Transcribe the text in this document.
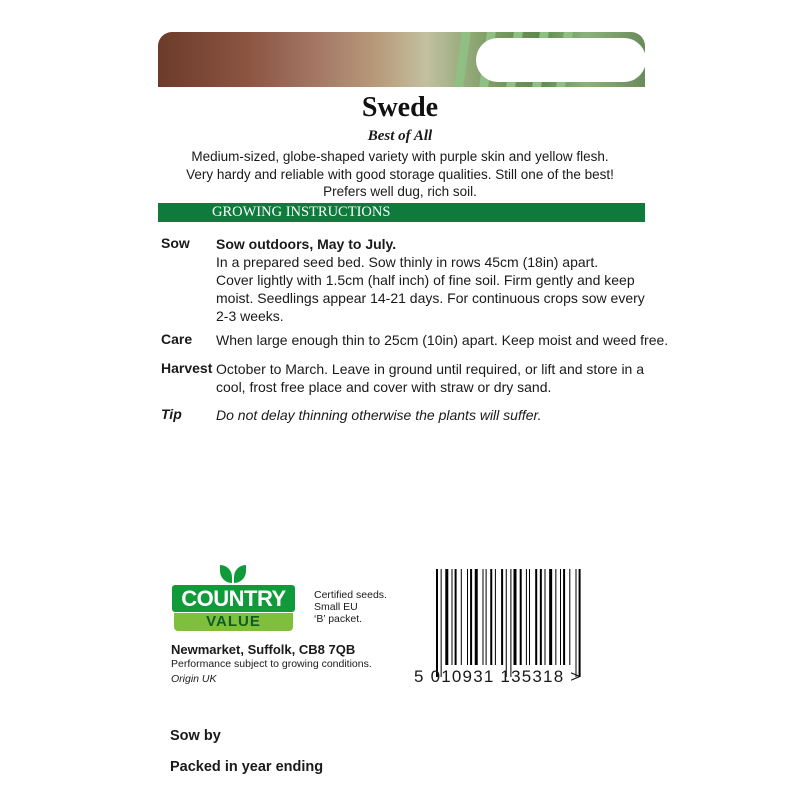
Swede
Best of All
Medium-sized, globe-shaped variety with purple skin and yellow flesh.
Very hardy and reliable with good storage qualities. Still one of the best!
Prefers well dug, rich soil.
GROWING INSTRUCTIONS
Sow Sow outdoors, May to July.
In a prepared seed bed. Sow thinly in rows 45cm (18in) apart.
Cover lightly with 1.5cm (half inch) of fine soil. Firm gently and keep
moist. Seedlings appear 14-21 days. For continuous crops sow every
2-3 weeks.
Care When large enough thin to 25cm (10in) apart. Keep moist and weed free.
Harvest October to March. Leave in ground until required, or lift and store in a
cool, frost free place and cover with straw or dry sand.
Tip Do not delay thinning otherwise the plants will suffer.
COUNTRY
VALUE
Certified seeds.
Small EU
‘B’ packet.
Newmarket, Suffolk, CB8 7QB
Performance subject to growing conditions.
Origin UK	5 010931 135318 >
Sow by
Packed in year ending
